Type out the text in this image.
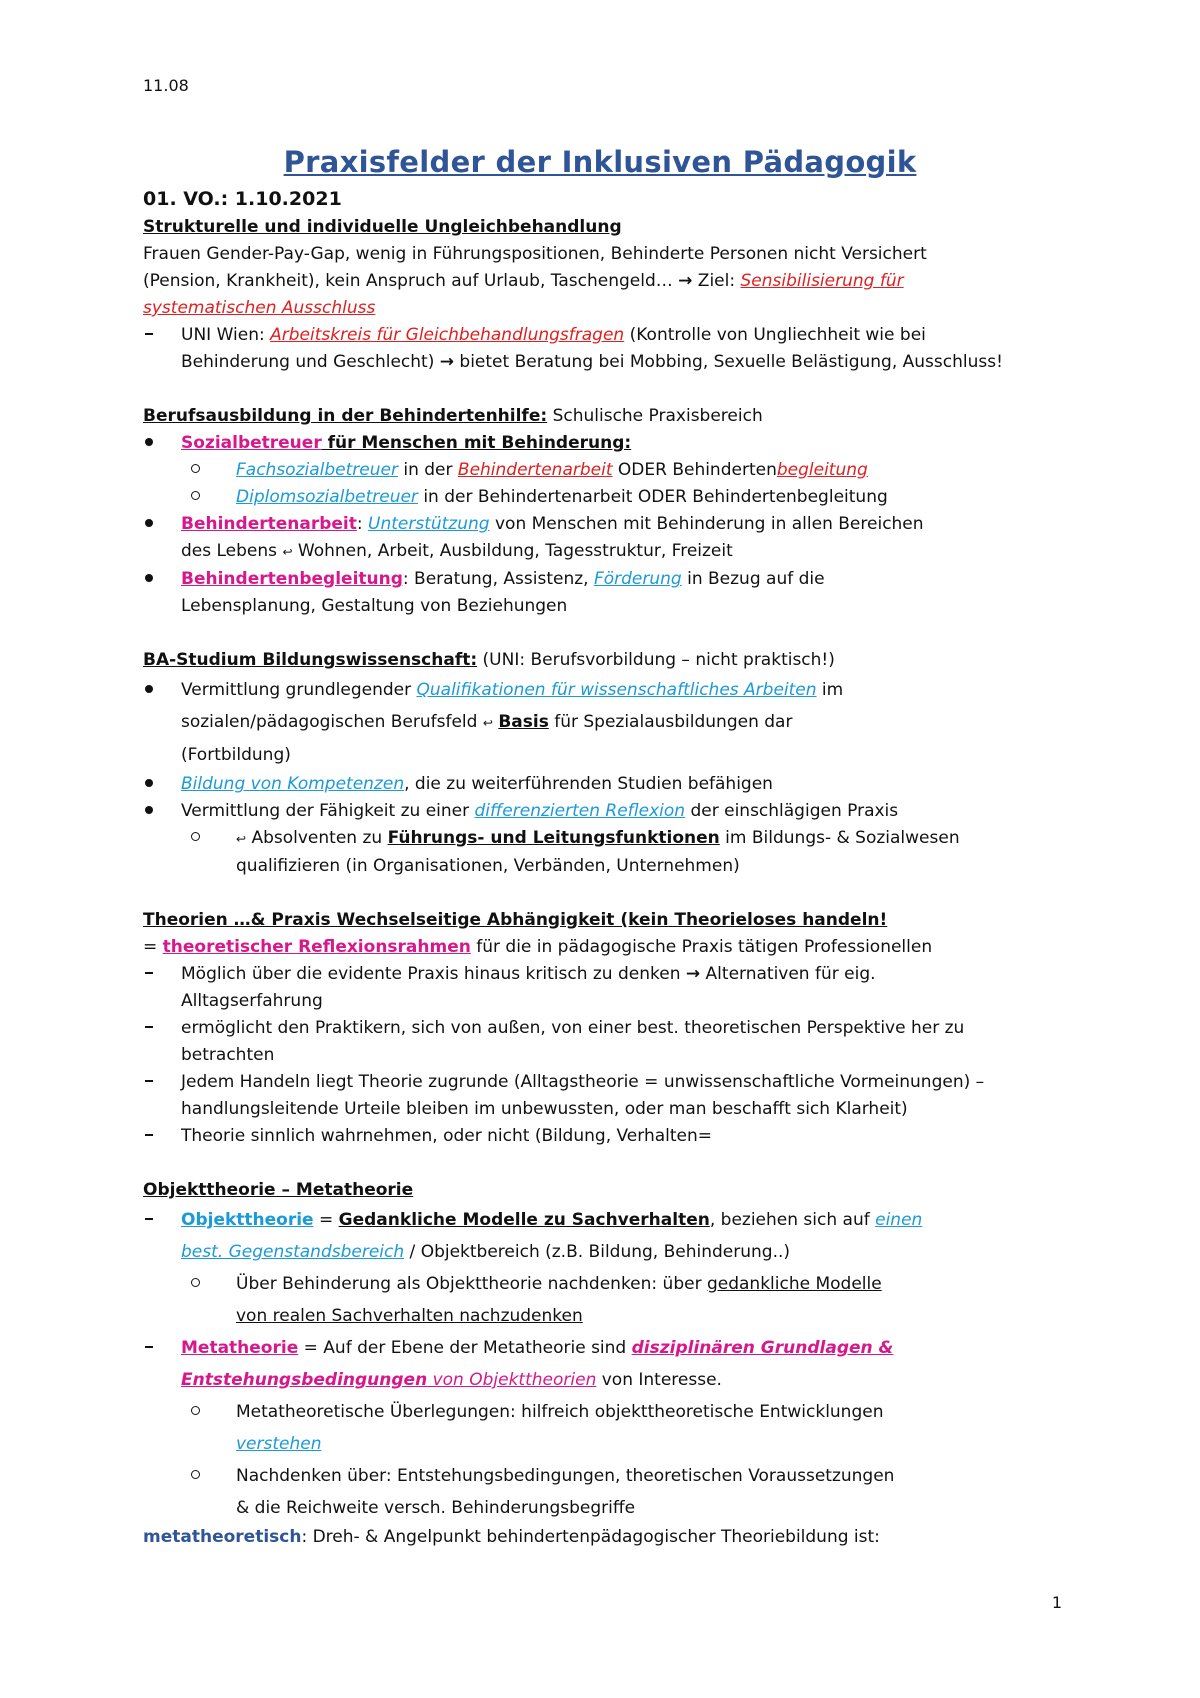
11.08
Praxisfelder der Inklusiven Pädagogik

01. VO.: 1.10.2021

Strukturelle und individuelle Ungleichbehandlung

Frauen Gender-Pay-Gap, wenig in Führungspositionen, Behinderte Personen nicht Versichert

(Pension, Krankheit), kein Anspruch auf Urlaub, Taschengeld… → Ziel: Sensibilisierung für

systematischen Ausschluss

UNI Wien: Arbeitskreis für Gleichbehandlungsfragen (Kontrolle von Ungliechheit wie bei
Behinderung und Geschlecht) → bietet Beratung bei Mobbing, Sexuelle Belästigung, Ausschluss!

Berufsausbildung in der Behindertenhilfe: Schulische Praxisbereich

Sozialbetreuer für Menschen mit Behinderung:
Fachsozialbetreuer in der Behindertenarbeit ODER Behindertenbegleitung
Diplomsozialbetreuer in der Behindertenarbeit ODER Behindertenbegleitung
Behindertenarbeit: Unterstützung von Menschen mit Behinderung in allen Bereichen
des Lebens ↩ Wohnen, Arbeit, Ausbildung, Tagesstruktur, Freizeit
Behindertenbegleitung: Beratung, Assistenz, Förderung in Bezug auf die
Lebensplanung, Gestaltung von Beziehungen

BA-Studium Bildungswissenschaft: (UNI: Berufsvorbildung – nicht praktisch!)

Vermittlung grundlegender Qualifikationen für wissenschaftliches Arbeiten im
sozialen/pädagogischen Berufsfeld ↩ Basis für Spezialausbildungen dar
(Fortbildung)
Bildung von Kompetenzen, die zu weiterführenden Studien befähigen
Vermittlung der Fähigkeit zu einer differenzierten Reflexion der einschlägigen Praxis
↩ Absolventen zu Führungs- und Leitungsfunktionen im Bildungs- & Sozialwesen
qualifizieren (in Organisationen, Verbänden, Unternehmen)

Theorien …& Praxis Wechselseitige Abhängigkeit (kein Theorieloses handeln!

= theoretischer Reflexionsrahmen für die in pädagogische Praxis tätigen Professionellen

Möglich über die evidente Praxis hinaus kritisch zu denken → Alternativen für eig.
Alltagserfahrung
ermöglicht den Praktikern, sich von außen, von einer best. theoretischen Perspektive her zu
betrachten
Jedem Handeln liegt Theorie zugrunde (Alltagstheorie = unwissenschaftliche Vormeinungen) –
handlungsleitende Urteile bleiben im unbewussten, oder man beschafft sich Klarheit)
Theorie sinnlich wahrnehmen, oder nicht (Bildung, Verhalten=

Objekttheorie – Metatheorie

Objekttheorie = Gedankliche Modelle zu Sachverhalten, beziehen sich auf einen
best. Gegenstandsbereich / Objektbereich (z.B. Bildung, Behinderung..)
Über Behinderung als Objekttheorie nachdenken: über gedankliche Modelle
von realen Sachverhalten nachzudenken
Metatheorie = Auf der Ebene der Metatheorie sind disziplinären Grundlagen &
Entstehungsbedingungen von Objekttheorien von Interesse.
Metatheoretische Überlegungen: hilfreich objekttheoretische Entwicklungen
verstehen
Nachdenken über: Entstehungsbedingungen, theoretischen Voraussetzungen
& die Reichweite versch. Behinderungsbegriffe

metatheoretisch: Dreh- & Angelpunkt behindertenpädagogischer Theoriebildung ist:

1
